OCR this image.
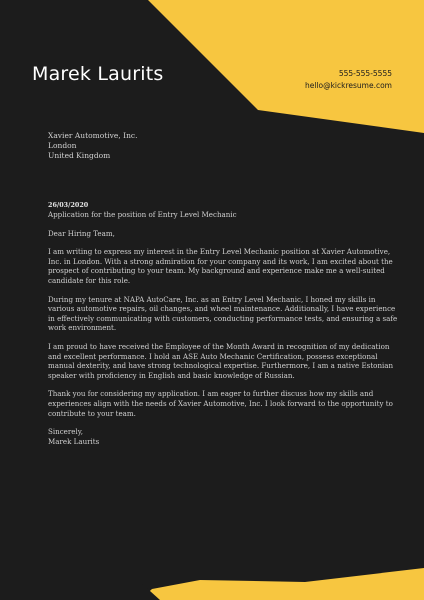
Marek Laurits	555-555-5555
hello@kickresume.com
Xavier Automotive, Inc.
London
United Kingdom
26/03/2020
Application for the position of Entry Level Mechanic
Dear Hiring Team,
I am writing to express my interest in the Entry Level Mechanic position at Xavier Automotive, Inc. in London. With a strong admiration for your company and its work, I am excited about the prospect of contributing to your team. My background and experience make me a well-suited candidate for this role.
During my tenure at NAPA AutoCare, Inc. as an Entry Level Mechanic, I honed my skills in various automotive repairs, oil changes, and wheel maintenance. Additionally, I have experience in effectively communicating with customers, conducting performance tests, and ensuring a safe work environment.
I am proud to have received the Employee of the Month Award in recognition of my dedication and excellent performance. I hold an ASE Auto Mechanic Certification, possess exceptional manual dexterity, and have strong technological expertise. Furthermore, I am a native Estonian speaker with proficiency in English and basic knowledge of Russian.
Thank you for considering my application. I am eager to further discuss how my skills and experiences align with the needs of Xavier Automotive, Inc. I look forward to the opportunity to contribute to your team.
Sincerely,
Marek Laurits
